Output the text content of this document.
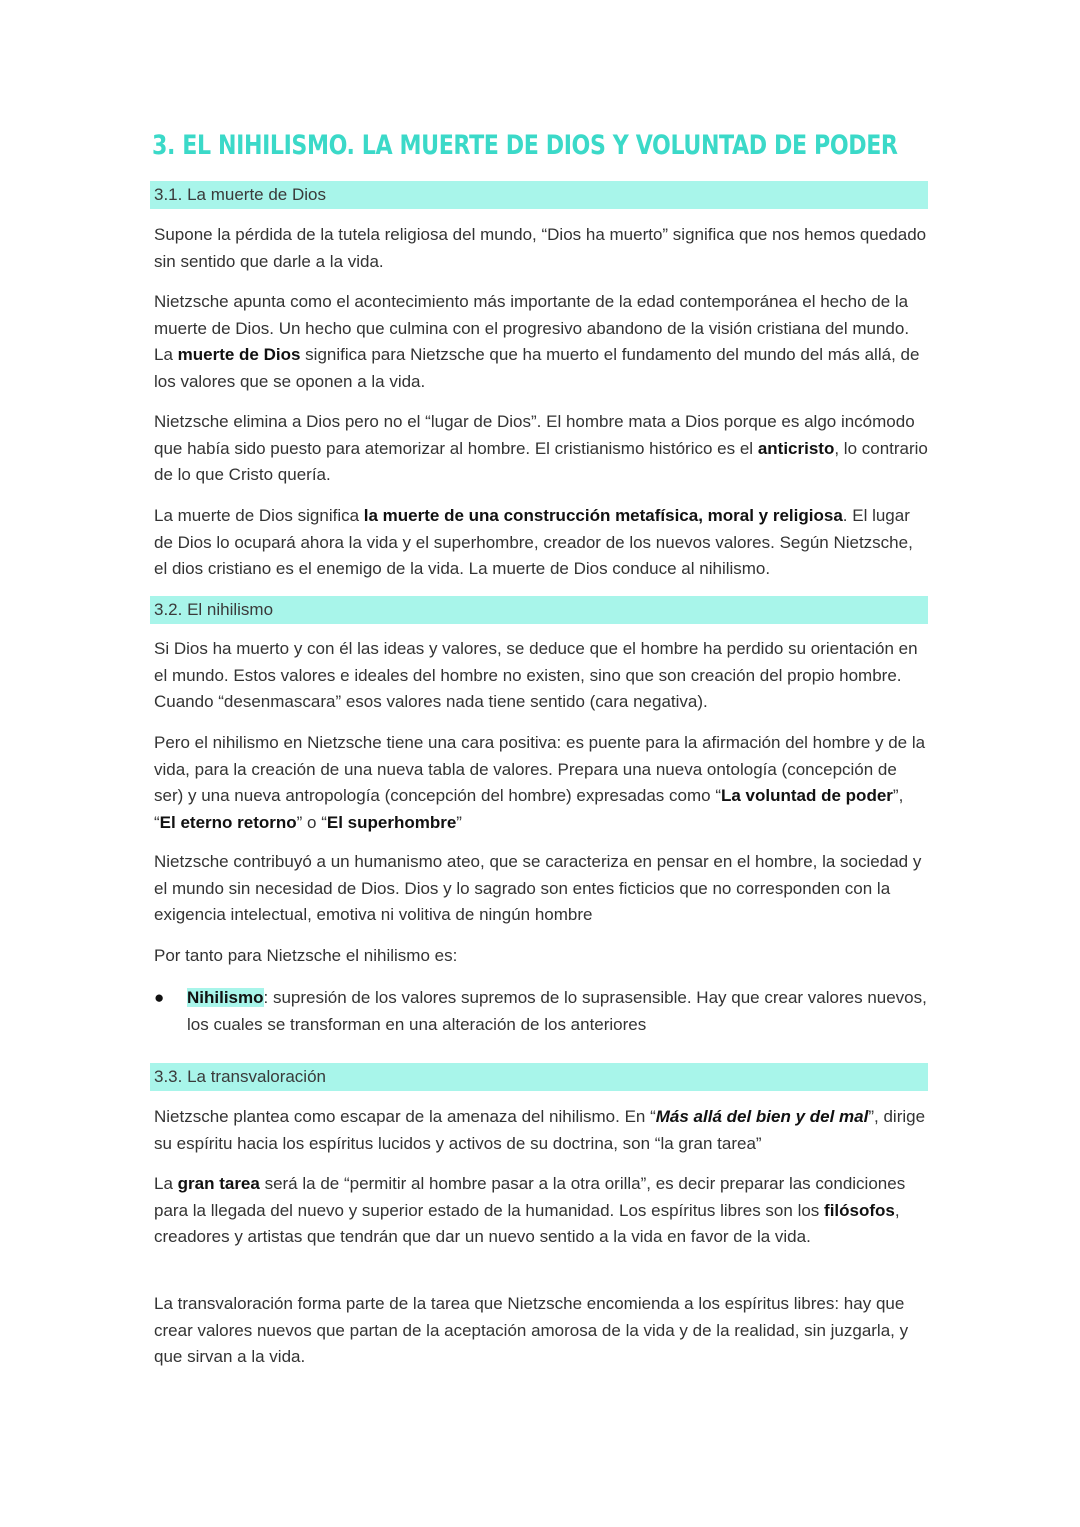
3. EL NIHILISMO. LA MUERTE DE DIOS Y VOLUNTAD DE PODER
3.1. La muerte de Dios

Supone la pérdida de la tutela religiosa del mundo, “Dios ha muerto” significa que nos hemos quedado sin sentido que darle a la vida.

Nietzsche apunta como el acontecimiento más importante de la edad contemporánea el hecho de la muerte de Dios. Un hecho que culmina con el progresivo abandono de la visión cristiana del mundo. La muerte de Dios significa para Nietzsche que ha muerto el fundamento del mundo del más allá, de los valores que se oponen a la vida.

Nietzsche elimina a Dios pero no el “lugar de Dios”. El hombre mata a Dios porque es algo incómodo que había sido puesto para atemorizar al hombre. El cristianismo histórico es el anticristo, lo contrario de lo que Cristo quería.

La muerte de Dios significa la muerte de una construcción metafísica, moral y religiosa. El lugar de Dios lo ocupará ahora la vida y el superhombre, creador de los nuevos valores. Según Nietzsche, el dios cristiano es el enemigo de la vida. La muerte de Dios conduce al nihilismo.

3.2. El nihilismo

Si Dios ha muerto y con él las ideas y valores, se deduce que el hombre ha perdido su orientación en el mundo. Estos valores e ideales del hombre no existen, sino que son creación del propio hombre. Cuando “desenmascara” esos valores nada tiene sentido (cara negativa).

Pero el nihilismo en Nietzsche tiene una cara positiva: es puente para la afirmación del hombre y de la vida, para la creación de una nueva tabla de valores. Prepara una nueva ontología (concepción de ser) y una nueva antropología (concepción del hombre) expresadas como “La voluntad de poder”, “El eterno retorno” o “El superhombre”

Nietzsche contribuyó a un humanismo ateo, que se caracteriza en pensar en el hombre, la sociedad y el mundo sin necesidad de Dios. Dios y lo sagrado son entes ficticios que no corresponden con la exigencia intelectual, emotiva ni volitiva de ningún hombre

Por tanto para Nietzsche el nihilismo es:

●	Nihilismo: supresión de los valores supremos de lo suprasensible. Hay que crear valores nuevos, los cuales se transforman en una alteración de los anteriores
3.3. La transvaloración

Nietzsche plantea como escapar de la amenaza del nihilismo. En “Más allá del bien y del mal”, dirige su espíritu hacia los espíritus lucidos y activos de su doctrina, son “la gran tarea”

La gran tarea será la de “permitir al hombre pasar a la otra orilla”, es decir preparar las condiciones para la llegada del nuevo y superior estado de la humanidad. Los espíritus libres son los filósofos, creadores y artistas que tendrán que dar un nuevo sentido a la vida en favor de la vida.

La transvaloración forma parte de la tarea que Nietzsche encomienda a los espíritus libres: hay que crear valores nuevos que partan de la aceptación amorosa de la vida y de la realidad, sin juzgarla, y que sirvan a la vida.
